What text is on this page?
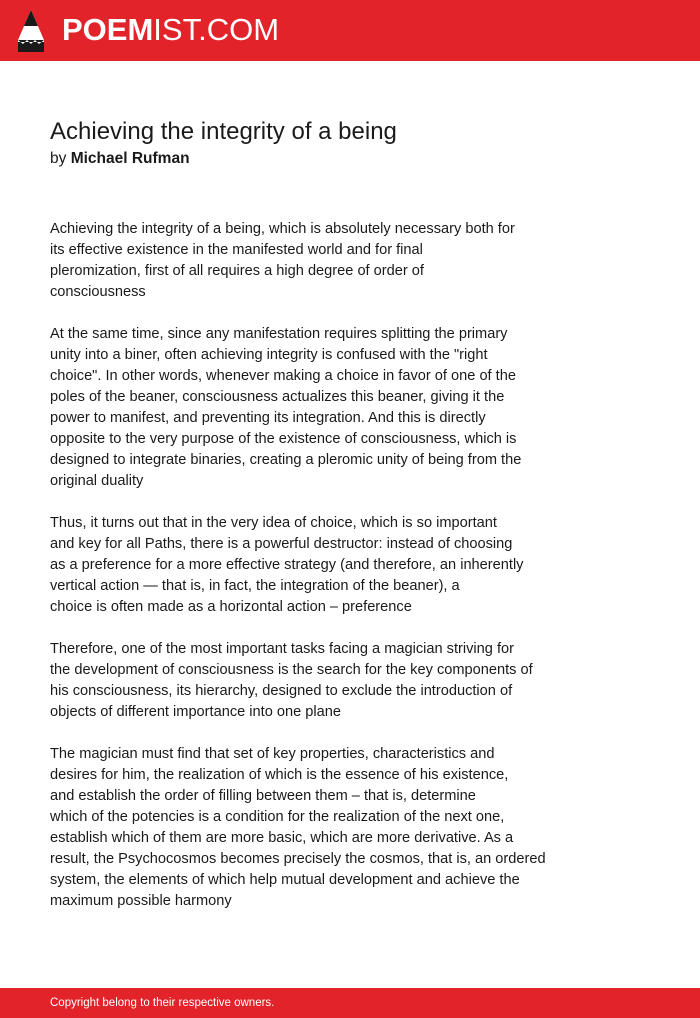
POEMIST.COM
Achieving the integrity of a being
by Michael Rufman
Achieving the integrity of a being, which is absolutely necessary both for
its effective existence in the manifested world and for final
pleromization, first of all requires a high degree of order of
consciousness
At the same time, since any manifestation requires splitting the primary
unity into a biner, often achieving integrity is confused with the "right
choice". In other words, whenever making a choice in favor of one of the
poles of the beaner, consciousness actualizes this beaner, giving it the
power to manifest, and preventing its integration. And this is directly
opposite to the very purpose of the existence of consciousness, which is
designed to integrate binaries, creating a pleromic unity of being from the
original duality
Thus, it turns out that in the very idea of choice, which is so important
and key for all Paths, there is a powerful destructor: instead of choosing
as a preference for a more effective strategy (and therefore, an inherently
vertical action — that is, in fact, the integration of the beaner), a
choice is often made as a horizontal action – preference
Therefore, one of the most important tasks facing a magician striving for
the development of consciousness is the search for the key components of
his consciousness, its hierarchy, designed to exclude the introduction of
objects of different importance into one plane
The magician must find that set of key properties, characteristics and
desires for him, the realization of which is the essence of his existence,
and establish the order of filling between them – that is, determine
which of the potencies is a condition for the realization of the next one,
establish which of them are more basic, which are more derivative. As a
result, the Psychocosmos becomes precisely the cosmos, that is, an ordered
system, the elements of which help mutual development and achieve the
maximum possible harmony
Copyright belong to their respective owners.
